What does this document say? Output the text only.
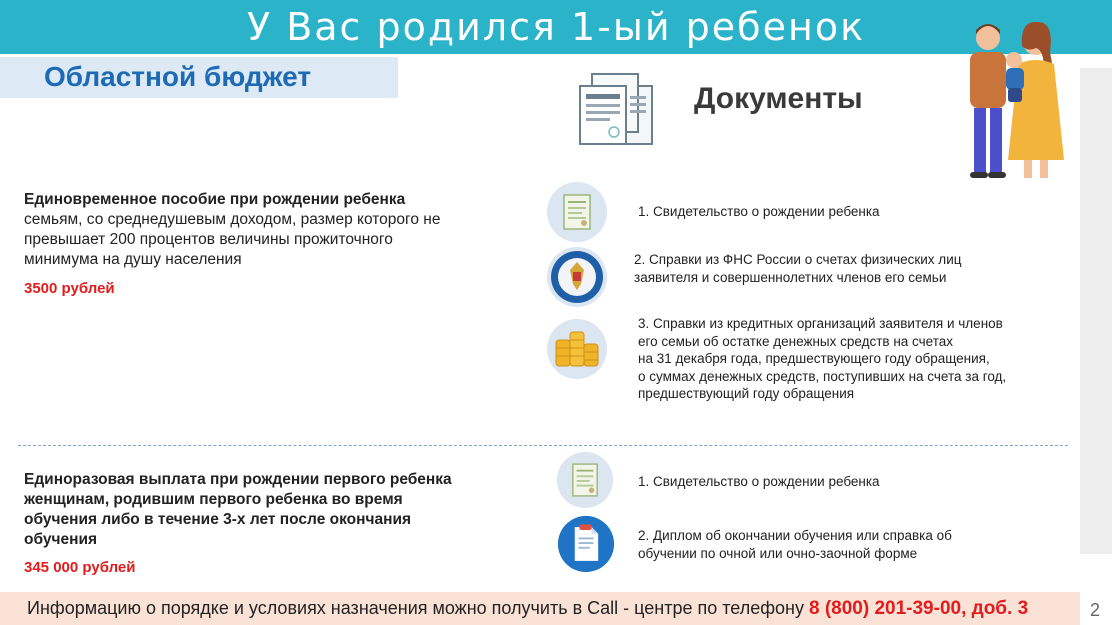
У Вас родился 1-ый ребенок
Областной бюджет
Документы
Единовременное пособие при рождении ребенка
семьям, со среднедушевым доходом, размер которого не
превышает 200 процентов величины прожиточного
минимума на душу населения
3500 рублей
1. Свидетельство о рождении ребенка
2. Справки из ФНС России о счетах физических лиц
заявителя и совершеннолетних членов его семьи
3. Справки из кредитных организаций заявителя и членов
его семьи об остатке денежных средств на счетах
на 31 декабря года, предшествующего году обращения,
о суммах денежных средств, поступивших на счета за год,
предшествующий году обращения
Единоразовая выплата при рождении первого ребенка
женщинам, родившим первого ребенка во время
обучения либо в течение 3-х лет после окончания
обучения
345 000 рублей
1. Свидетельство о рождении ребенка
2. Диплом об окончании обучения или справка об
обучении по очной или очно-заочной форме
Информацию о порядке и условиях назначения можно получить в Call - центре по телефону 8 (800) 201-39-00, доб. 3	2
